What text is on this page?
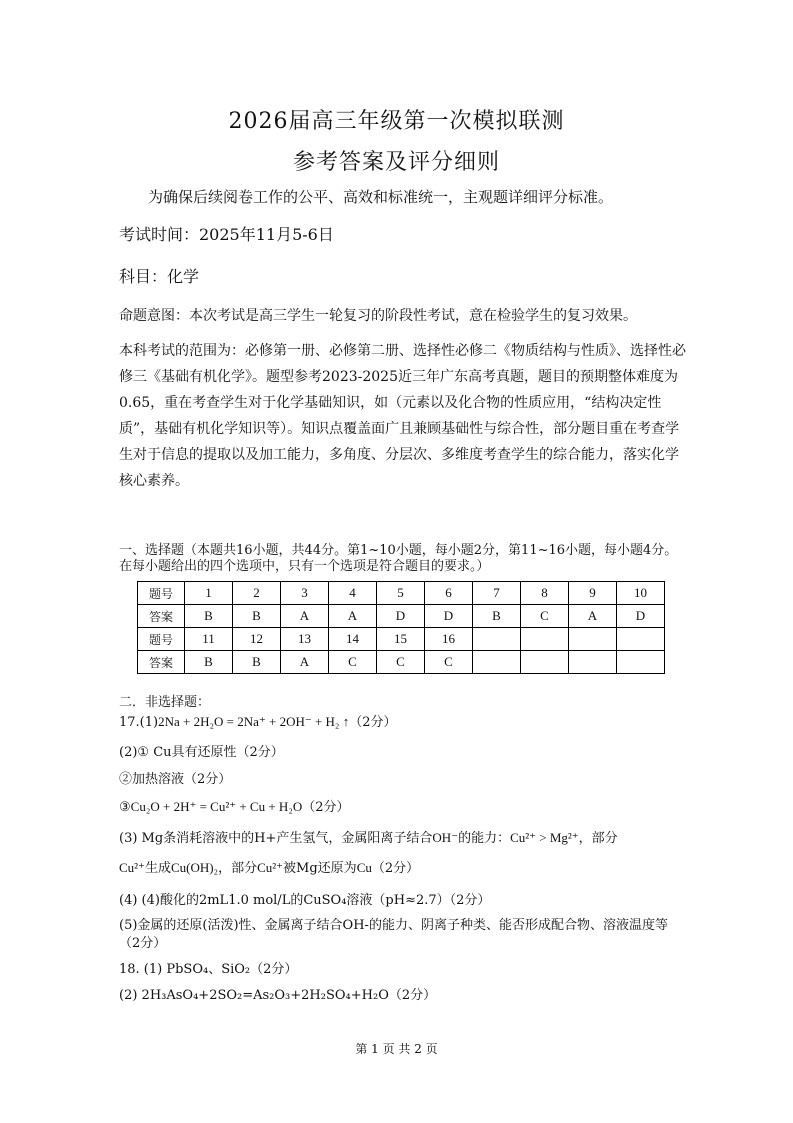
2026届高三年级第一次模拟联测
参考答案及评分细则
为确保后续阅卷工作的公平、高效和标准统一，主观题详细评分标准。
考试时间：2025年11月5-6日
科目：化学
命题意图：本次考试是高三学生一轮复习的阶段性考试，意在检验学生的复习效果。
本科考试的范围为：必修第一册、必修第二册、选择性必修二《物质结构与性质》、选择性必修三《基础有机化学》。题型参考2023-2025近三年广东高考真题，题目的预期整体难度为0.65，重在考查学生对于化学基础知识，如（元素以及化合物的性质应用，“结构决定性质”，基础有机化学知识等）。知识点覆盖面广且兼顾基础性与综合性，部分题目重在考查学生对于信息的提取以及加工能力，多角度、分层次、多维度考查学生的综合能力，落实化学核心素养。
一、选择题（本题共16小题，共44分。第1~10小题，每小题2分，第11~16小题，每小题4分。在每小题给出的四个选项中，只有一个选项是符合题目的要求。）
题号	1	2	3	4	5	6	7	8	9	10
答案	B	B	A	A	D	D	B	C	A	D
题号	11	12	13	14	15	16				
答案	B	B	A	C	C	C				
二．非选择题：
17.(1)2Na + 2H₂O = 2Na⁺ + 2OH⁻ + H₂ ↑（2分）
(2)① Cu具有还原性（2分）
②加热溶液（2分）
③Cu₂O + 2H⁺ = Cu²⁺ + Cu + H₂O（2分）
(3) Mg条消耗溶液中的H+产生氢气，金属阳离子结合OH⁻的能力：Cu²⁺ > Mg²⁺，部分
Cu²⁺生成Cu(OH)₂，部分Cu²⁺被Mg还原为Cu（2分）
(4) (4)酸化的2mL1.0 mol/L的CuSO₄溶液（pH≈2.7）（2分）
(5)金属的还原(活泼)性、金属离子结合OH-的能力、阴离子种类、能否形成配合物、溶液温度等（2分）
18. (1) PbSO₄、SiO₂（2分）
(2) 2H₃AsO₄+2SO₂=As₂O₃+2H₂SO₄+H₂O（2分）
第 1 页 共 2 页
